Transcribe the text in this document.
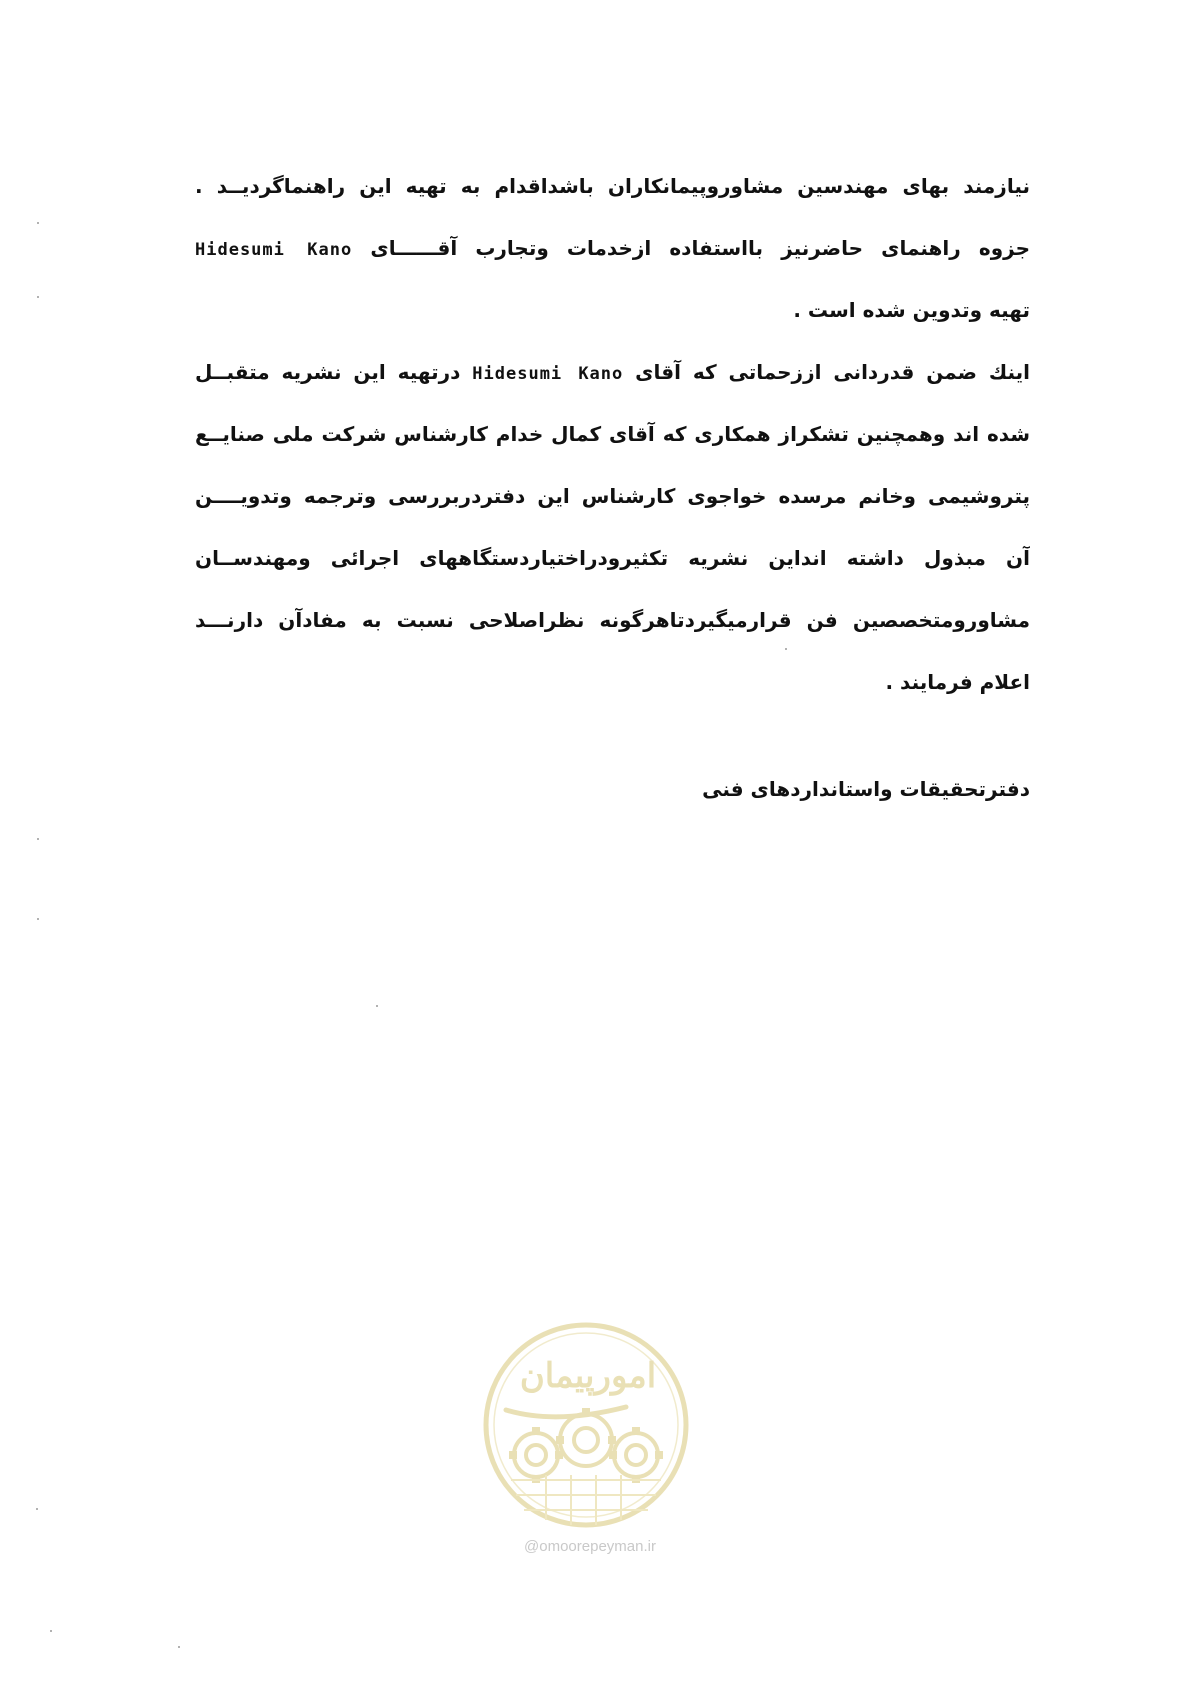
نیازمند بهای مهندسین مشاوروپیمانکاران باشداقدام به تهیه این راهنماگردیــد .
جزوه راهنمای حاضرنیز بااستفاده ازخدمات وتجارب آقــــــای Hidesumi Kano
تهیه وتدوین شده است .
اینك ضمن قدردانی اززحماتی که آقای Hidesumi Kano درتهیه این نشریه متقبــل
شده اند وهمچنین تشکراز همکاری که آقای کمال خدام کارشناس شرکت ملی صنایــع
پتروشیمی وخانم مرسده خواجوی کارشناس این دفتردربررسی وترجمه وتدویــــن
آن مبذول داشته انداین نشریه تکثیرودراختیاردستگاههای اجرائی ومهندســان
مشاورومتخصصین فن قرارمیگیردتاهرگونه نظراصلاحی نسبت به مفادآن دارنـــد
اعلام فرمایند .
دفترتحقیقات واستانداردهای فنی
امورپیمان
@omoorepeyman.ir
